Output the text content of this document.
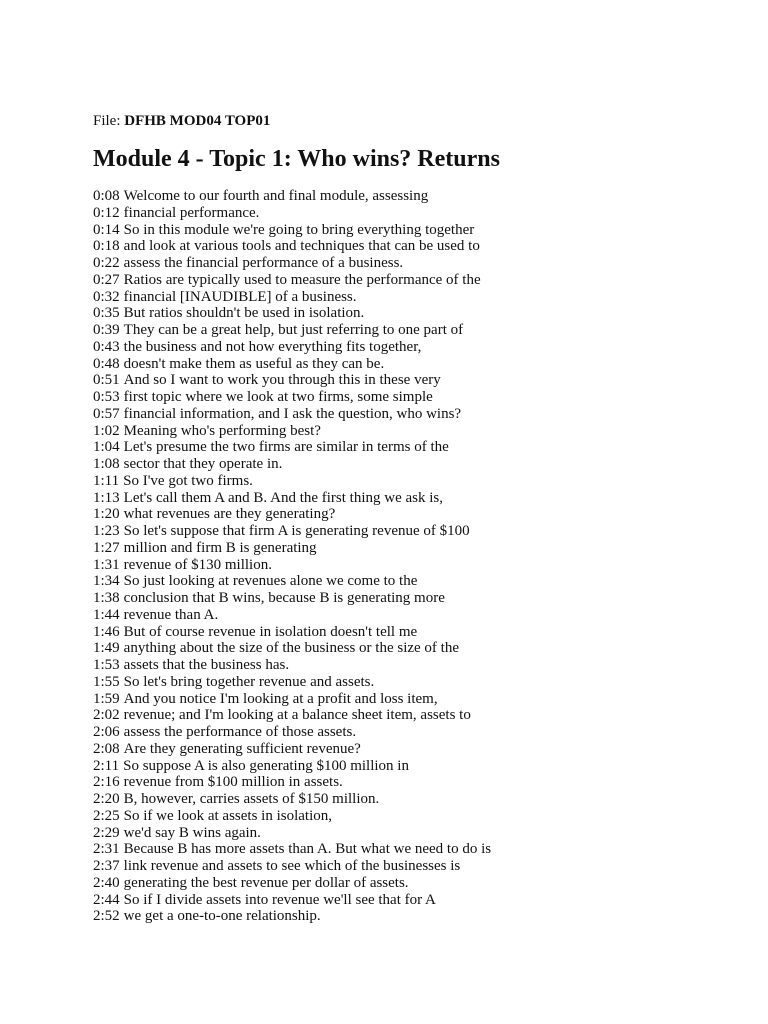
File: DFHB MOD04 TOP01
Module 4 - Topic 1: Who wins? Returns
0:08 Welcome to our fourth and final module, assessing
0:12 financial performance.
0:14 So in this module we're going to bring everything together
0:18 and look at various tools and techniques that can be used to
0:22 assess the financial performance of a business.
0:27 Ratios are typically used to measure the performance of the
0:32 financial [INAUDIBLE] of a business.
0:35 But ratios shouldn't be used in isolation.
0:39 They can be a great help, but just referring to one part of
0:43 the business and not how everything fits together,
0:48 doesn't make them as useful as they can be.
0:51 And so I want to work you through this in these very
0:53 first topic where we look at two firms, some simple
0:57 financial information, and I ask the question, who wins?
1:02 Meaning who's performing best?
1:04 Let's presume the two firms are similar in terms of the
1:08 sector that they operate in.
1:11 So I've got two firms.
1:13 Let's call them A and B. And the first thing we ask is,
1:20 what revenues are they generating?
1:23 So let's suppose that firm A is generating revenue of $100
1:27 million and firm B is generating
1:31 revenue of $130 million.
1:34 So just looking at revenues alone we come to the
1:38 conclusion that B wins, because B is generating more
1:44 revenue than A.
1:46 But of course revenue in isolation doesn't tell me
1:49 anything about the size of the business or the size of the
1:53 assets that the business has.
1:55 So let's bring together revenue and assets.
1:59 And you notice I'm looking at a profit and loss item,
2:02 revenue; and I'm looking at a balance sheet item, assets to
2:06 assess the performance of those assets.
2:08 Are they generating sufficient revenue?
2:11 So suppose A is also generating $100 million in
2:16 revenue from $100 million in assets.
2:20 B, however, carries assets of $150 million.
2:25 So if we look at assets in isolation,
2:29 we'd say B wins again.
2:31 Because B has more assets than A. But what we need to do is
2:37 link revenue and assets to see which of the businesses is
2:40 generating the best revenue per dollar of assets.
2:44 So if I divide assets into revenue we'll see that for A
2:52 we get a one-to-one relationship.
